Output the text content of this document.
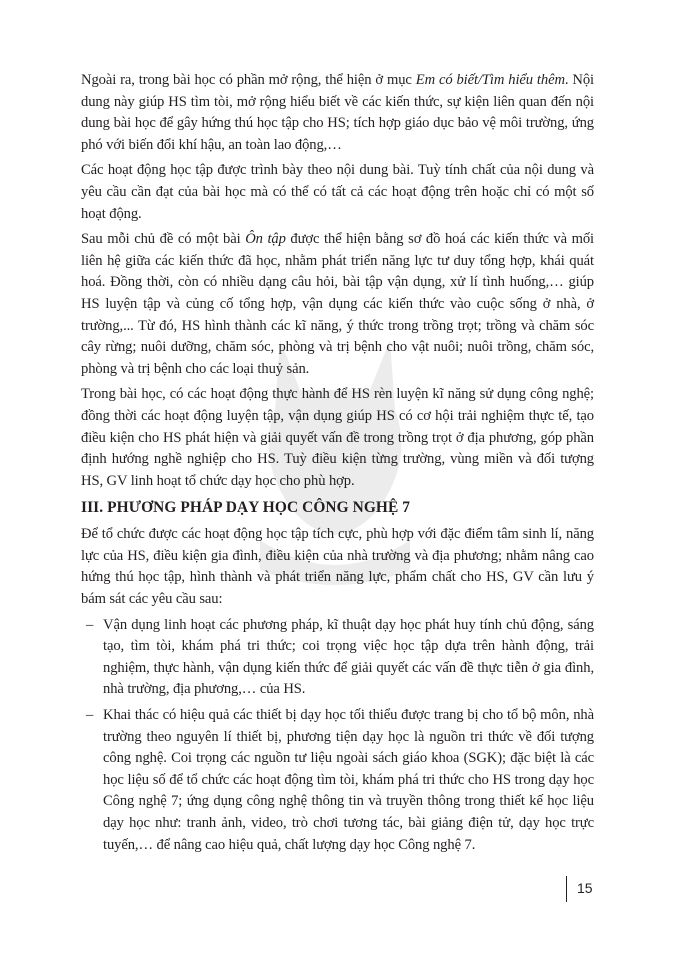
Ngoài ra, trong bài học có phần mở rộng, thể hiện ở mục Em có biết/Tìm hiểu thêm. Nội dung này giúp HS tìm tòi, mở rộng hiểu biết về các kiến thức, sự kiện liên quan đến nội dung bài học để gây hứng thú học tập cho HS; tích hợp giáo dục bảo vệ môi trường, ứng phó với biến đổi khí hậu, an toàn lao động,…

Các hoạt động học tập được trình bày theo nội dung bài. Tuỳ tính chất của nội dung và yêu cầu cần đạt của bài học mà có thể có tất cả các hoạt động trên hoặc chỉ có một số hoạt động.

Sau mỗi chủ đề có một bài Ôn tập được thể hiện bằng sơ đồ hoá các kiến thức và mối liên hệ giữa các kiến thức đã học, nhằm phát triển năng lực tư duy tổng hợp, khái quát hoá. Đồng thời, còn có nhiều dạng câu hỏi, bài tập vận dụng, xử lí tình huống,… giúp HS luyện tập và củng cố tổng hợp, vận dụng các kiến thức vào cuộc sống ở nhà, ở trường,... Từ đó, HS hình thành các kĩ năng, ý thức trong trồng trọt; trồng và chăm sóc cây rừng; nuôi dưỡng, chăm sóc, phòng và trị bệnh cho vật nuôi; nuôi trồng, chăm sóc, phòng và trị bệnh cho các loại thuỷ sản.

Trong bài học, có các hoạt động thực hành để HS rèn luyện kĩ năng sử dụng công nghệ; đồng thời các hoạt động luyện tập, vận dụng giúp HS có cơ hội trải nghiệm thực tế, tạo điều kiện cho HS phát hiện và giải quyết vấn đề trong trồng trọt ở địa phương, góp phần định hướng nghề nghiệp cho HS. Tuỳ điều kiện từng trường, vùng miền và đối tượng HS, GV linh hoạt tổ chức dạy học cho phù hợp.

III. PHƯƠNG PHÁP DẠY HỌC CÔNG NGHỆ 7

Để tổ chức được các hoạt động học tập tích cực, phù hợp với đặc điểm tâm sinh lí, năng lực của HS, điều kiện gia đình, điều kiện của nhà trường và địa phương; nhằm nâng cao hứng thú học tập, hình thành và phát triển năng lực, phẩm chất cho HS, GV cần lưu ý bám sát các yêu cầu sau:

– Vận dụng linh hoạt các phương pháp, kĩ thuật dạy học phát huy tính chủ động, sáng tạo, tìm tòi, khám phá tri thức; coi trọng việc học tập dựa trên hành động, trải nghiệm, thực hành, vận dụng kiến thức để giải quyết các vấn đề thực tiễn ở gia đình, nhà trường, địa phương,… của HS.
– Khai thác có hiệu quả các thiết bị dạy học tối thiểu được trang bị cho tổ bộ môn, nhà trường theo nguyên lí thiết bị, phương tiện dạy học là nguồn tri thức về đối tượng công nghệ. Coi trọng các nguồn tư liệu ngoài sách giáo khoa (SGK); đặc biệt là các học liệu số để tổ chức các hoạt động tìm tòi, khám phá tri thức cho HS trong dạy học Công nghệ 7; ứng dụng công nghệ thông tin và truyền thông trong thiết kế học liệu dạy học như: tranh ảnh, video, trò chơi tương tác, bài giảng điện tử, dạy học trực tuyến,… để nâng cao hiệu quả, chất lượng dạy học Công nghệ 7.
15
